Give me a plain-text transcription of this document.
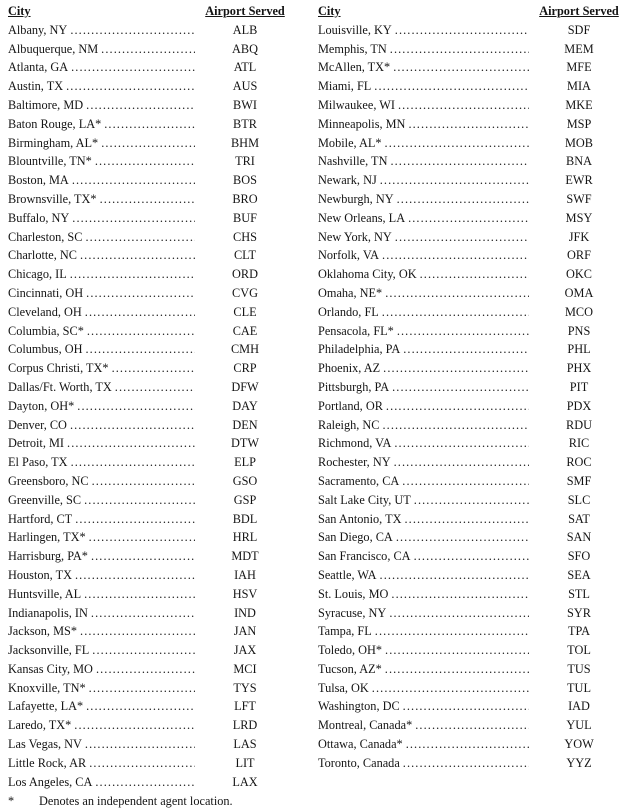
City	Airport Served
Albany, NY .....	ALB
Albuquerque, NM .....	ABQ
Atlanta, GA .....	ATL
Austin, TX .....	AUS
Baltimore, MD .....	BWI
Baton Rouge, LA* .....	BTR
Birmingham, AL* .....	BHM
Blountville, TN* .....	TRI
Boston, MA .....	BOS
Brownsville, TX* .....	BRO
Buffalo, NY .....	BUF
Charleston, SC .....	CHS
Charlotte, NC .....	CLT
Chicago, IL .....	ORD
Cincinnati, OH .....	CVG
Cleveland, OH .....	CLE
Columbia, SC* .....	CAE
Columbus, OH .....	CMH
Corpus Christi, TX* .....	CRP
Dallas/Ft. Worth, TX .....	DFW
Dayton, OH* .....	DAY
Denver, CO .....	DEN
Detroit, MI .....	DTW
El Paso, TX .....	ELP
Greensboro, NC .....	GSO
Greenville, SC .....	GSP
Hartford, CT .....	BDL
Harlingen, TX* .....	HRL
Harrisburg, PA* .....	MDT
Houston, TX .....	IAH
Huntsville, AL .....	HSV
Indianapolis, IN .....	IND
Jackson, MS* .....	JAN
Jacksonville, FL .....	JAX
Kansas City, MO .....	MCI
Knoxville, TN* .....	TYS
Lafayette, LA* .....	LFT
Laredo, TX* .....	LRD
Las Vegas, NV .....	LAS
Little Rock, AR .....	LIT
Los Angeles, CA .....	LAX
City	Airport Served
Louisville, KY .....	SDF
Memphis, TN .....	MEM
McAllen, TX* .....	MFE
Miami, FL .....	MIA
Milwaukee, WI .....	MKE
Minneapolis, MN .....	MSP
Mobile, AL* .....	MOB
Nashville, TN .....	BNA
Newark, NJ .....	EWR
Newburgh, NY .....	SWF
New Orleans, LA .....	MSY
New York, NY .....	JFK
Norfolk, VA .....	ORF
Oklahoma City, OK .....	OKC
Omaha, NE* .....	OMA
Orlando, FL .....	MCO
Pensacola, FL* .....	PNS
Philadelphia, PA .....	PHL
Phoenix, AZ .....	PHX
Pittsburgh, PA .....	PIT
Portland, OR .....	PDX
Raleigh, NC .....	RDU
Richmond, VA .....	RIC
Rochester, NY .....	ROC
Sacramento, CA .....	SMF
Salt Lake City, UT .....	SLC
San Antonio, TX .....	SAT
San Diego, CA .....	SAN
San Francisco, CA .....	SFO
Seattle, WA .....	SEA
St. Louis, MO .....	STL
Syracuse, NY .....	SYR
Tampa, FL .....	TPA
Toledo, OH* .....	TOL
Tucson, AZ* .....	TUS
Tulsa, OK .....	TUL
Washington, DC .....	IAD
Montreal, Canada* .....	YUL
Ottawa, Canada* .....	YOW
Toronto, Canada .....	YYZ
*	Denotes an independent agent location.
